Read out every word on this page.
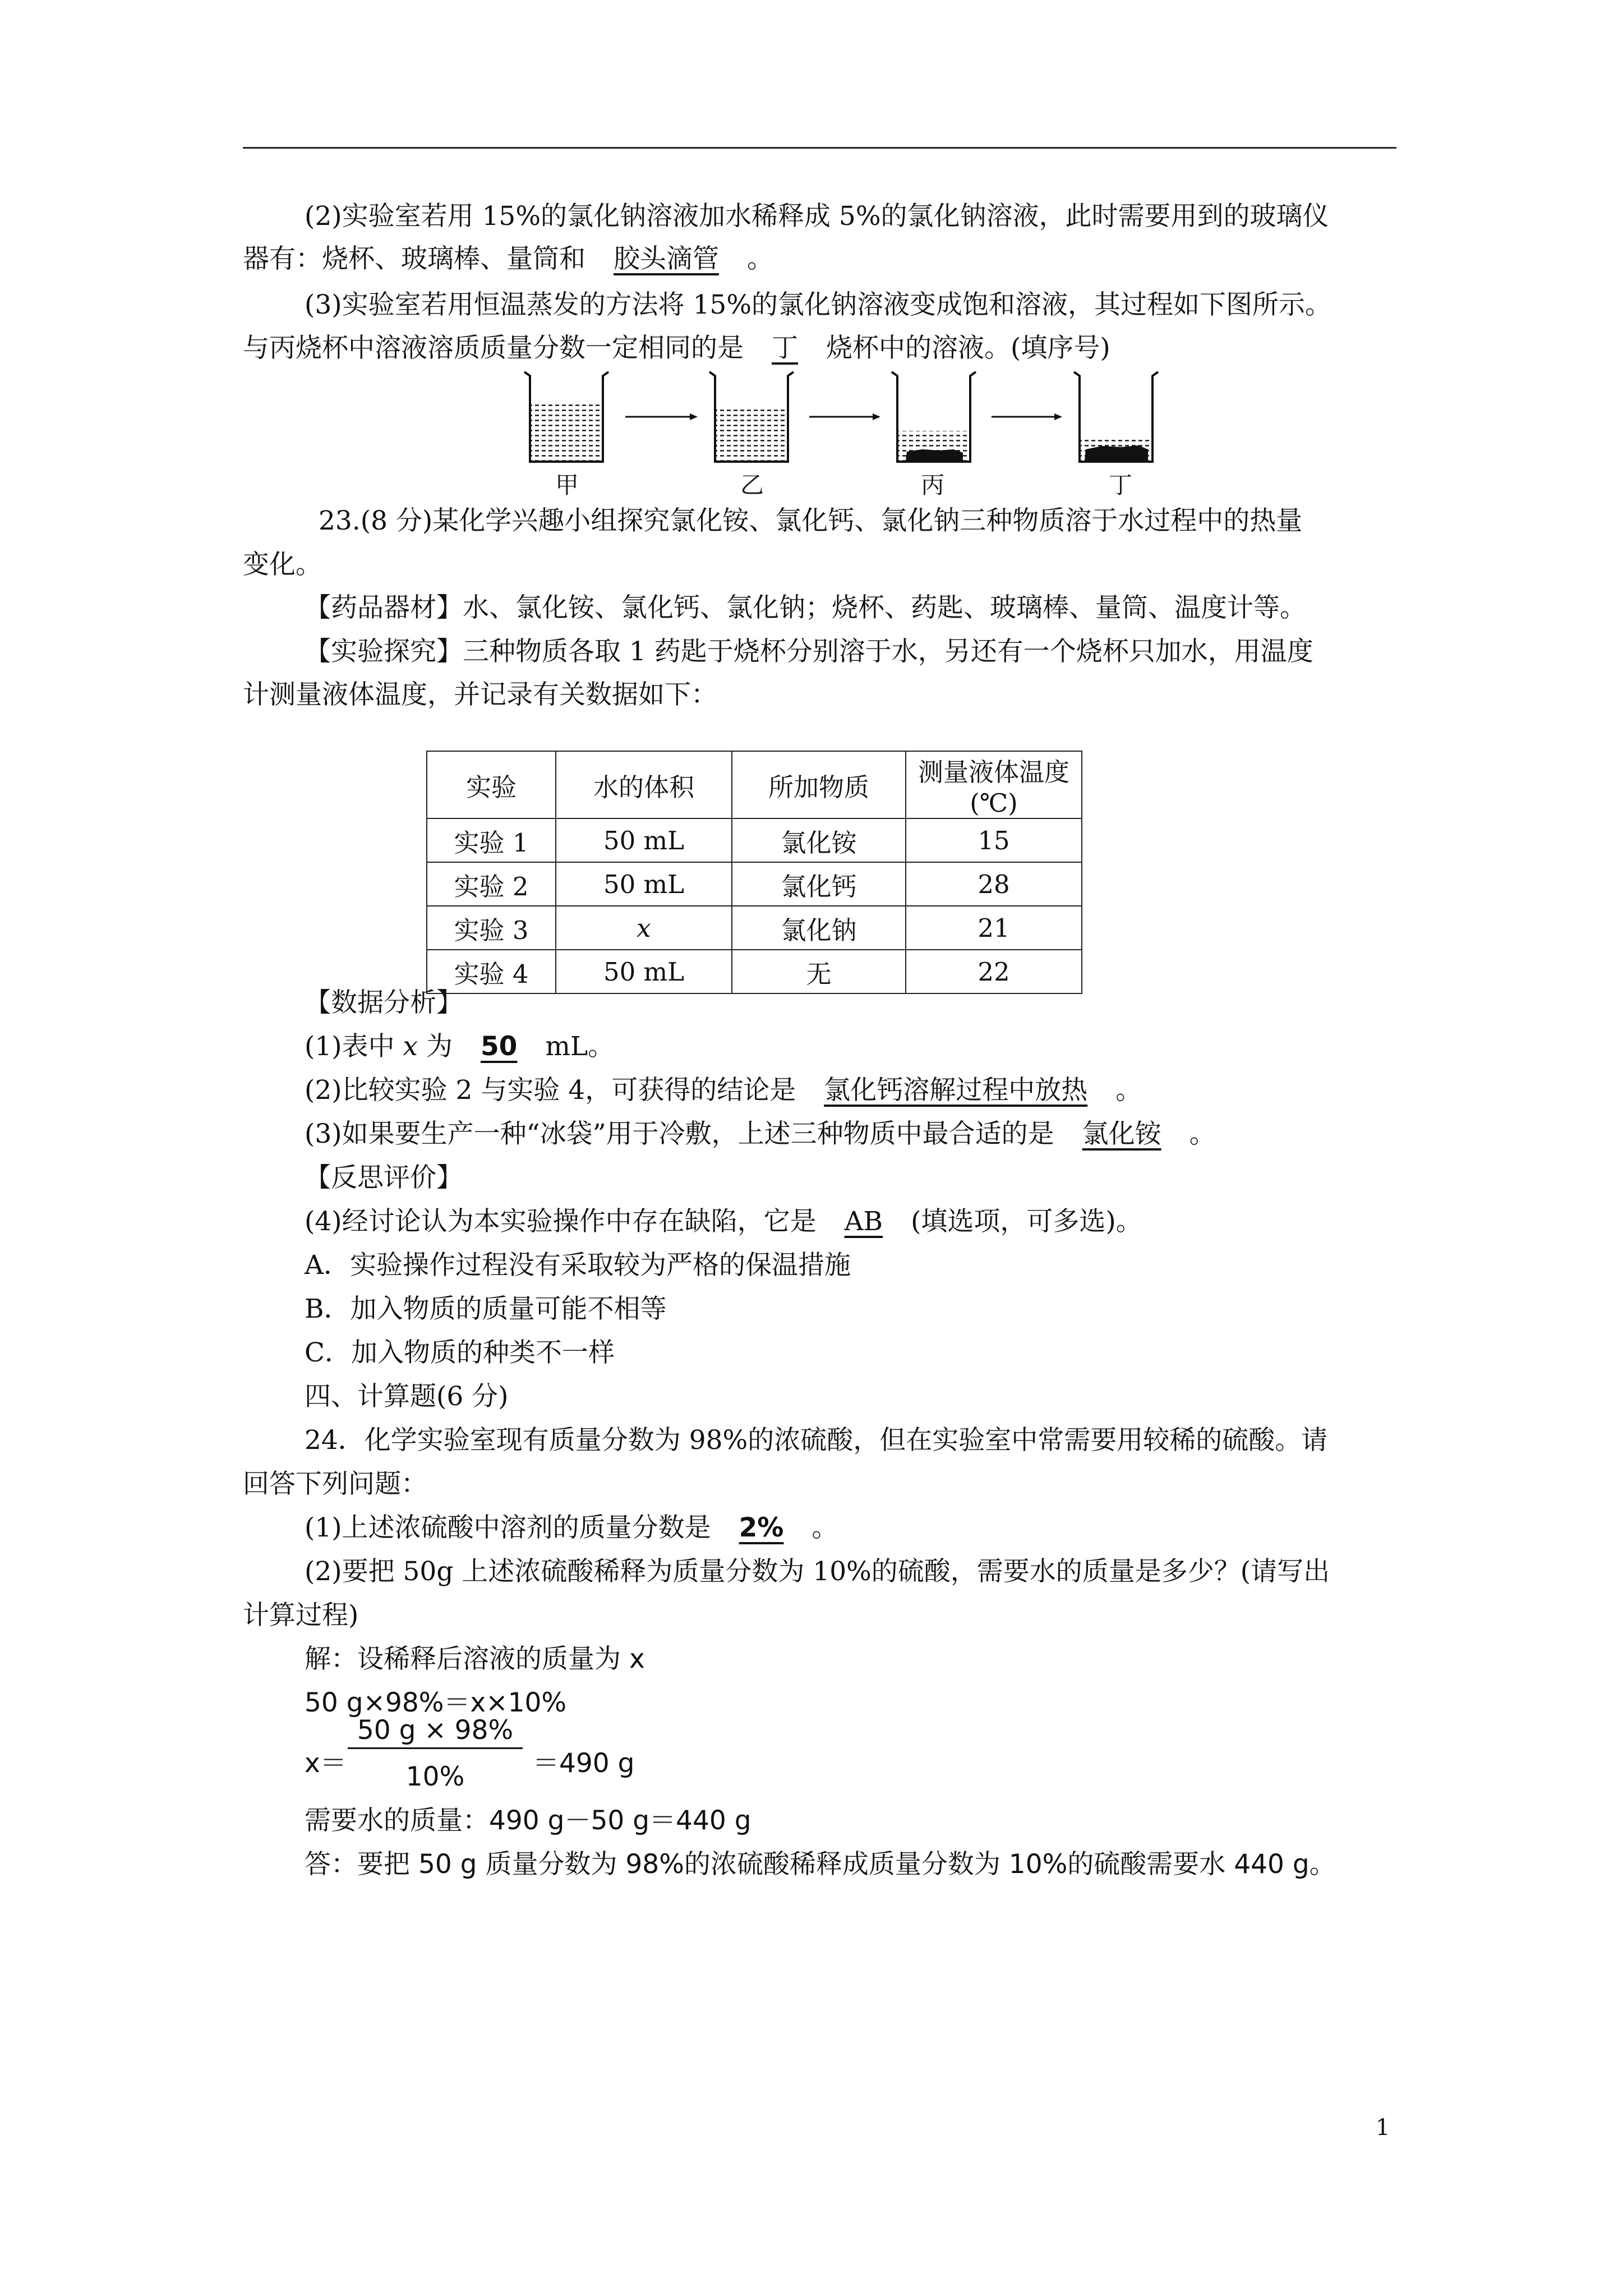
(2)实验室若用 15%的氯化钠溶液加水稀释成 5%的氯化钠溶液，此时需要用到的玻璃仪
器有：烧杯、玻璃棒、量筒和 胶头滴管 。
(3)实验室若用恒温蒸发的方法将 15%的氯化钠溶液变成饱和溶液，其过程如下图所示。
与丙烧杯中溶液溶质质量分数一定相同的是 丁 烧杯中的溶液。(填序号)
甲	乙	丙	丁
23.(8 分)某化学兴趣小组探究氯化铵、氯化钙、氯化钠三种物质溶于水过程中的热量
变化。
【药品器材】水、氯化铵、氯化钙、氯化钠；烧杯、药匙、玻璃棒、量筒、温度计等。
【实验探究】三种物质各取 1 药匙于烧杯分别溶于水，另还有一个烧杯只加水，用温度
计测量液体温度，并记录有关数据如下：
实验	水的体积	所加物质	测量液体温度(℃)
实验 1	50 mL	氯化铵	15
实验 2	50 mL	氯化钙	28
实验 3	x	氯化钠	21
实验 4	50 mL	无	22
【数据分析】
(1)表中 x 为 50 mL。
(2)比较实验 2 与实验 4，可获得的结论是 氯化钙溶解过程中放热 。
(3)如果要生产一种“冰袋”用于冷敷，上述三种物质中最合适的是 氯化铵 。
【反思评价】
(4)经讨论认为本实验操作中存在缺陷，它是 AB (填选项，可多选)。
A．实验操作过程没有采取较为严格的保温措施
B．加入物质的质量可能不相等
C．加入物质的种类不一样
四、计算题(6 分)
24．化学实验室现有质量分数为 98%的浓硫酸，但在实验室中常需要用较稀的硫酸。请
回答下列问题：
(1)上述浓硫酸中溶剂的质量分数是 2% 。
(2)要把 50g 上述浓硫酸稀释为质量分数为 10%的硫酸，需要水的质量是多少？(请写出
计算过程)
解：设稀释后溶液的质量为 x
50 g×98%＝x×10%
x＝
50 g × 98%
10%	＝490 g
需要水的质量：490 g－50 g＝440 g
答：要把 50 g 质量分数为 98%的浓硫酸稀释成质量分数为 10%的硫酸需要水 440 g。
1
